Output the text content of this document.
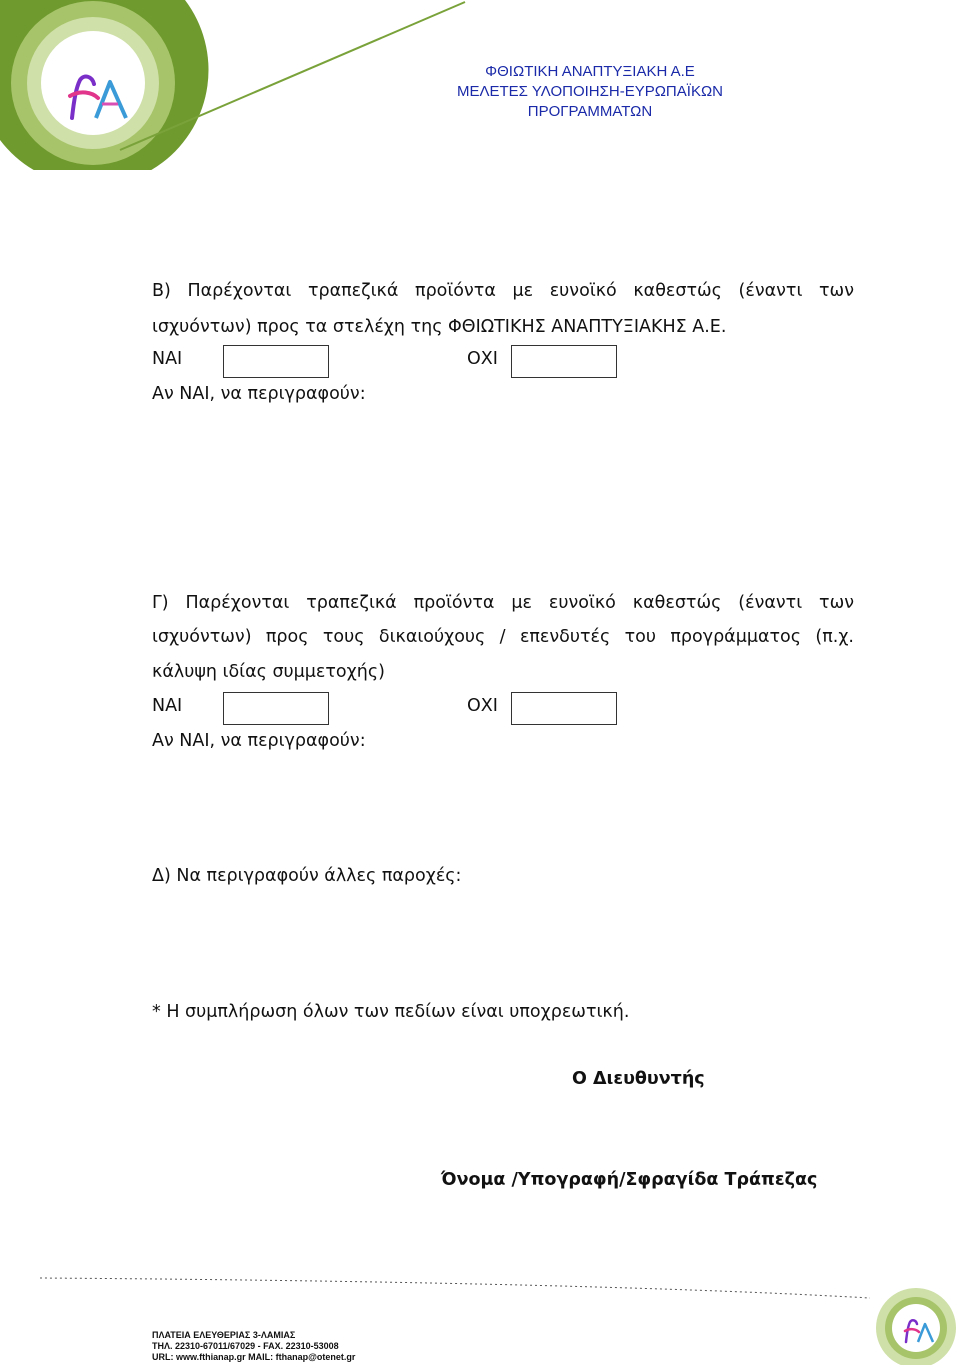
ΦΘΙΩΤΙΚΗ ΑΝΑΠΤΥΞΙΑΚΗ Α.Ε
ΜΕΛΕΤΕΣ ΥΛΟΠΟΙΗΣΗ-ΕΥΡΩΠΑΪΚΩΝ ΠΡΟΓΡΑΜΜΑΤΩΝ
Β) Παρέχονται τραπεζικά προϊόντα με ευνοϊκό καθεστώς (έναντι των
ισχυόντων) προς τα στελέχη της ΦΘΙΩΤΙΚΗΣ ΑΝΑΠΤΥΞΙΑΚΗΣ Α.Ε.
ΝΑΙ	ΟΧΙ
Αν ΝΑΙ, να περιγραφούν:
Γ) Παρέχονται τραπεζικά προϊόντα με ευνοϊκό καθεστώς (έναντι των
ισχυόντων) προς τους δικαιούχους / επενδυτές του προγράμματος (π.χ.
κάλυψη ιδίας συμμετοχής)
ΝΑΙ	ΟΧΙ
Αν ΝΑΙ, να περιγραφούν:
Δ) Να περιγραφούν άλλες παροχές:
* Η συμπλήρωση όλων των πεδίων είναι υποχρεωτική.
Ο Διευθυντής
Όνομα /Υπογραφή/Σφραγίδα Τράπεζας
ΠΛΑΤΕΙΑ ΕΛΕΥΘΕΡΙΑΣ 3-ΛΑΜΙΑΣ
ΤΗΛ. 22310-67011/67029 - FAX. 22310-53008
URL: www.fthianap.gr MAIL: fthanap@otenet.gr
